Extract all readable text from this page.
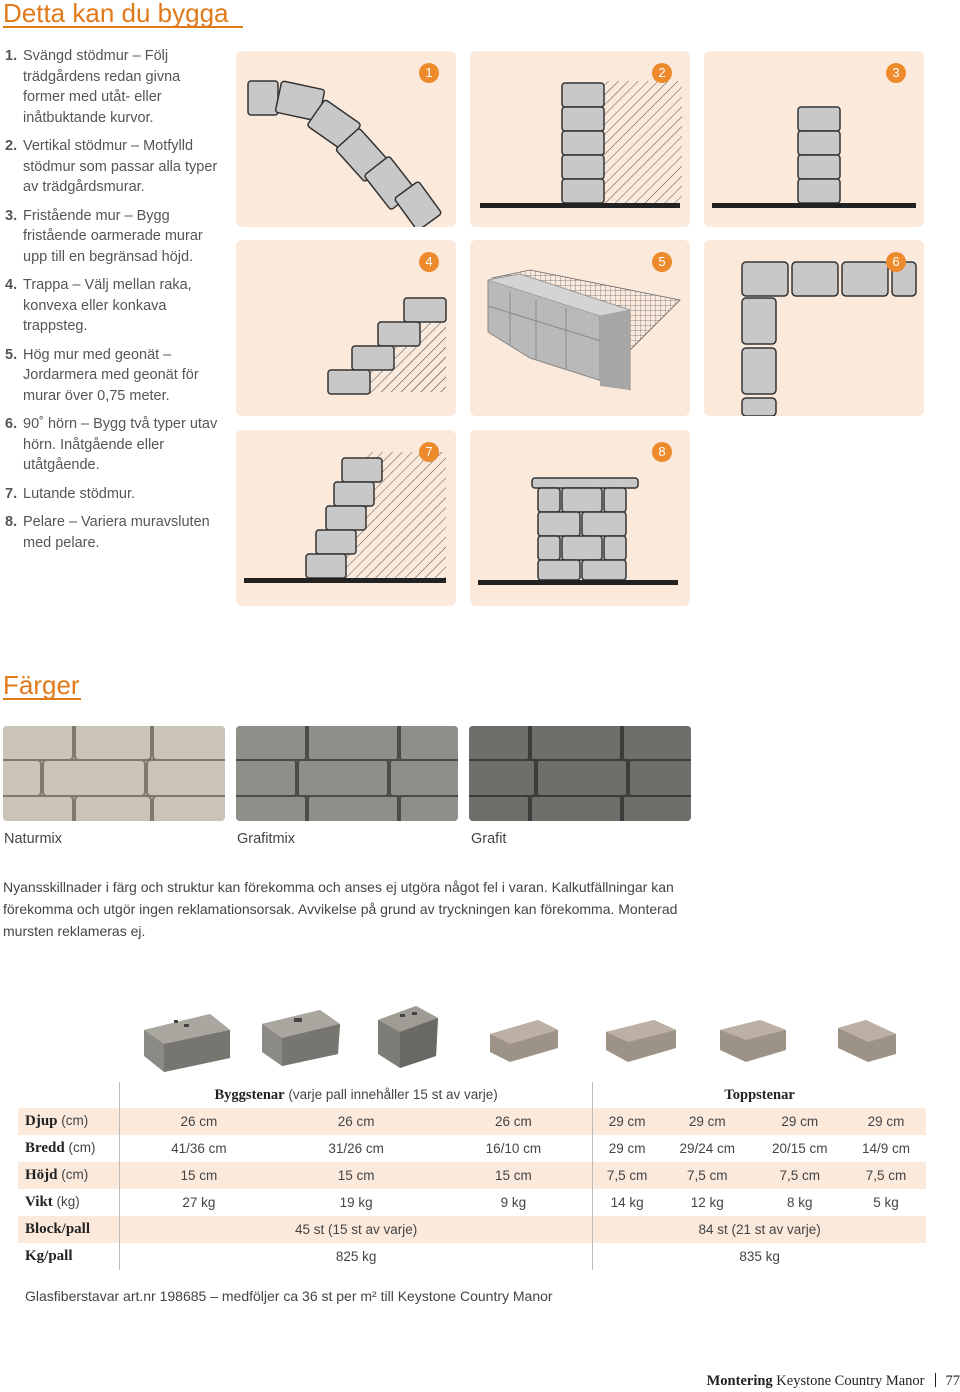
Detta kan du bygga
1. Svängd stödmur – Följ trädgårdens redan givna former med utåt- eller inåtbuktande kurvor.
2. Vertikal stödmur – Motfylld stödmur som passar alla typer av trädgårdsmurar.
3. Fristående mur – Bygg fristående oarmerade murar upp till en begränsad höjd.
4. Trappa – Välj mellan raka, konvexa eller konkava trappsteg.
5. Hög mur med geonät – Jordarmera med geonät för murar över 0,75 meter.
6. 90˚ hörn – Bygg två typer utav hörn. Inåtgående eller utåtgående.
7. Lutande stödmur.
8. Pelare – Variera muravsluten med pelare.
1	2	3
4	5	6
7	8
Färger
Naturmix	Grafitmix	Grafit

Nyansskillnader i färg och struktur kan förekomma och anses ej utgöra något fel i varan. Kalkutfällningar kan förekomma och utgör ingen reklamationsorsak. Avvikelse på grund av tryckningen kan förekomma. Monterad mursten reklameras ej.

	Byggstenar (varje pall innehåller 15 st av varje)			Toppstenar			
Djup (cm)	26 cm	26 cm	26 cm	29 cm	29 cm	29 cm	29 cm
Bredd (cm)	41/36 cm	31/26 cm	16/10 cm	29 cm	29/24 cm	20/15 cm	14/9 cm
Höjd (cm)	15 cm	15 cm	15 cm	7,5 cm	7,5 cm	7,5 cm	7,5 cm
Vikt (kg)	27 kg	19 kg	9 kg	14 kg	12 kg	8 kg	5 kg
Block/pall	45 st (15 st av varje)			84 st (21 st av varje)			
Kg/pall	825 kg			835 kg			
Glasfiberstavar art.nr 198685 – medföljer ca 36 st per m² till Keystone Country Manor
Montering Keystone Country Manor 77
